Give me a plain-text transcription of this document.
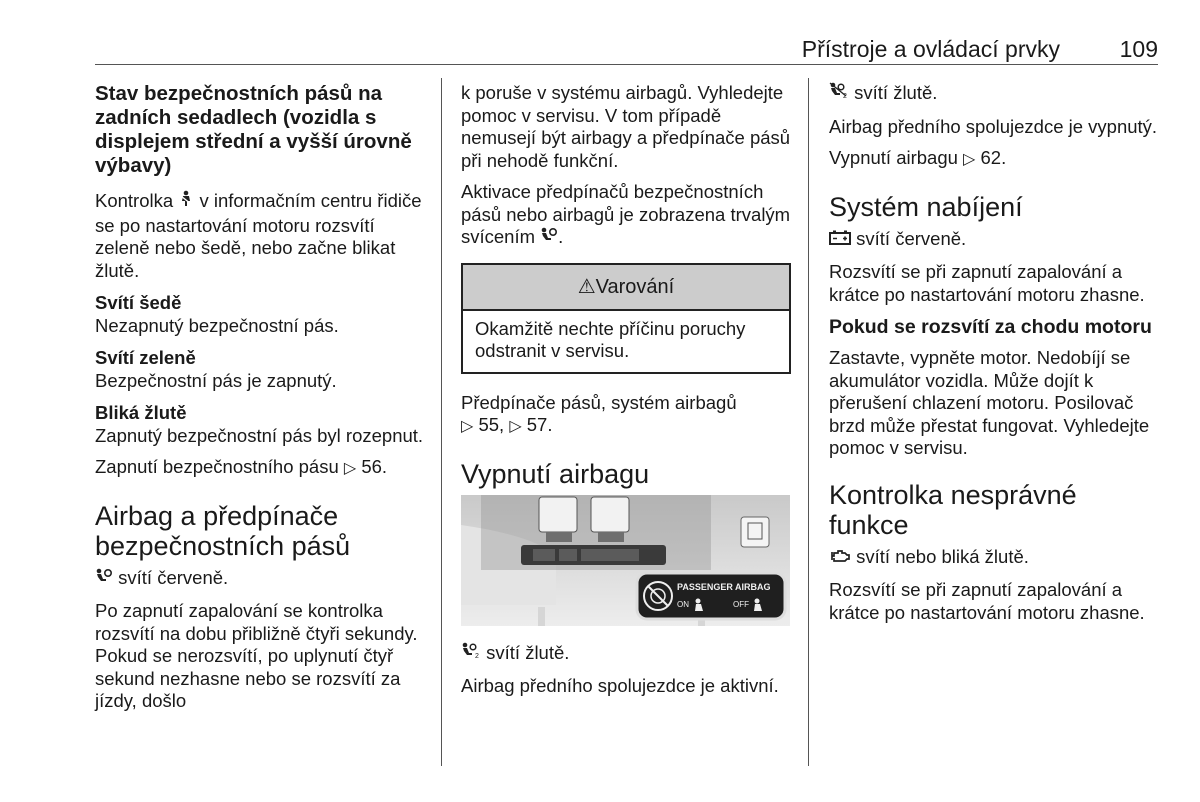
Přístroje a ovládací prvky	109
Stav bezpečnostních pásů na zadních sedadlech (vozidla s displejem střední a vyšší úrovně výbavy)

Kontrolka v informačním centru řidiče se po nastartování motoru rozsvítí zeleně nebo šedě, nebo začne blikat žlutě.

Svítí šedě

Nezapnutý bezpečnostní pás.

Svítí zeleně

Bezpečnostní pás je zapnutý.

Bliká žlutě

Zapnutý bezpečnostní pás byl rozepnut.

Zapnutí bezpečnostního pásu ▷ 56.

Airbag a předpínače bezpečnostních pásů

svítí červeně.

Po zapnutí zapalování se kontrolka rozsvítí na dobu přibližně čtyři sekundy. Pokud se nerozsvítí, po uplynutí čtyř sekund nezhasne nebo se rozsvítí za jízdy, došlo

k poruše v systému airbagů. Vyhledejte pomoc v servisu. V tom případě nemusejí být airbagy a předpínače pásů při nehodě funkční.

Aktivace předpínačů bezpečnostních pásů nebo airbagů je zobrazena trvalým svícením .

⚠Varování
Okamžitě nechte příčinu poruchy odstranit v servisu.

Předpínače pásů, systém airbagů
▷ 55, ▷ 57.

Vypnutí airbagu
PASSENGER AIRBAG
ON	OFF

2 svítí žlutě.

Airbag předního spolujezdce je aktivní.

2 svítí žlutě.

Airbag předního spolujezdce je vypnutý.

Vypnutí airbagu ▷ 62.

Systém nabíjení

svítí červeně.

Rozsvítí se při zapnutí zapalování a krátce po nastartování motoru zhasne.

Pokud se rozsvítí za chodu motoru

Zastavte, vypněte motor. Nedobíjí se akumulátor vozidla. Může dojít k přerušení chlazení motoru. Posilovač brzd může přestat fungovat. Vyhledejte pomoc v servisu.

Kontrolka nesprávné funkce

svítí nebo bliká žlutě.

Rozsvítí se při zapnutí zapalování a krátce po nastartování motoru zhasne.
